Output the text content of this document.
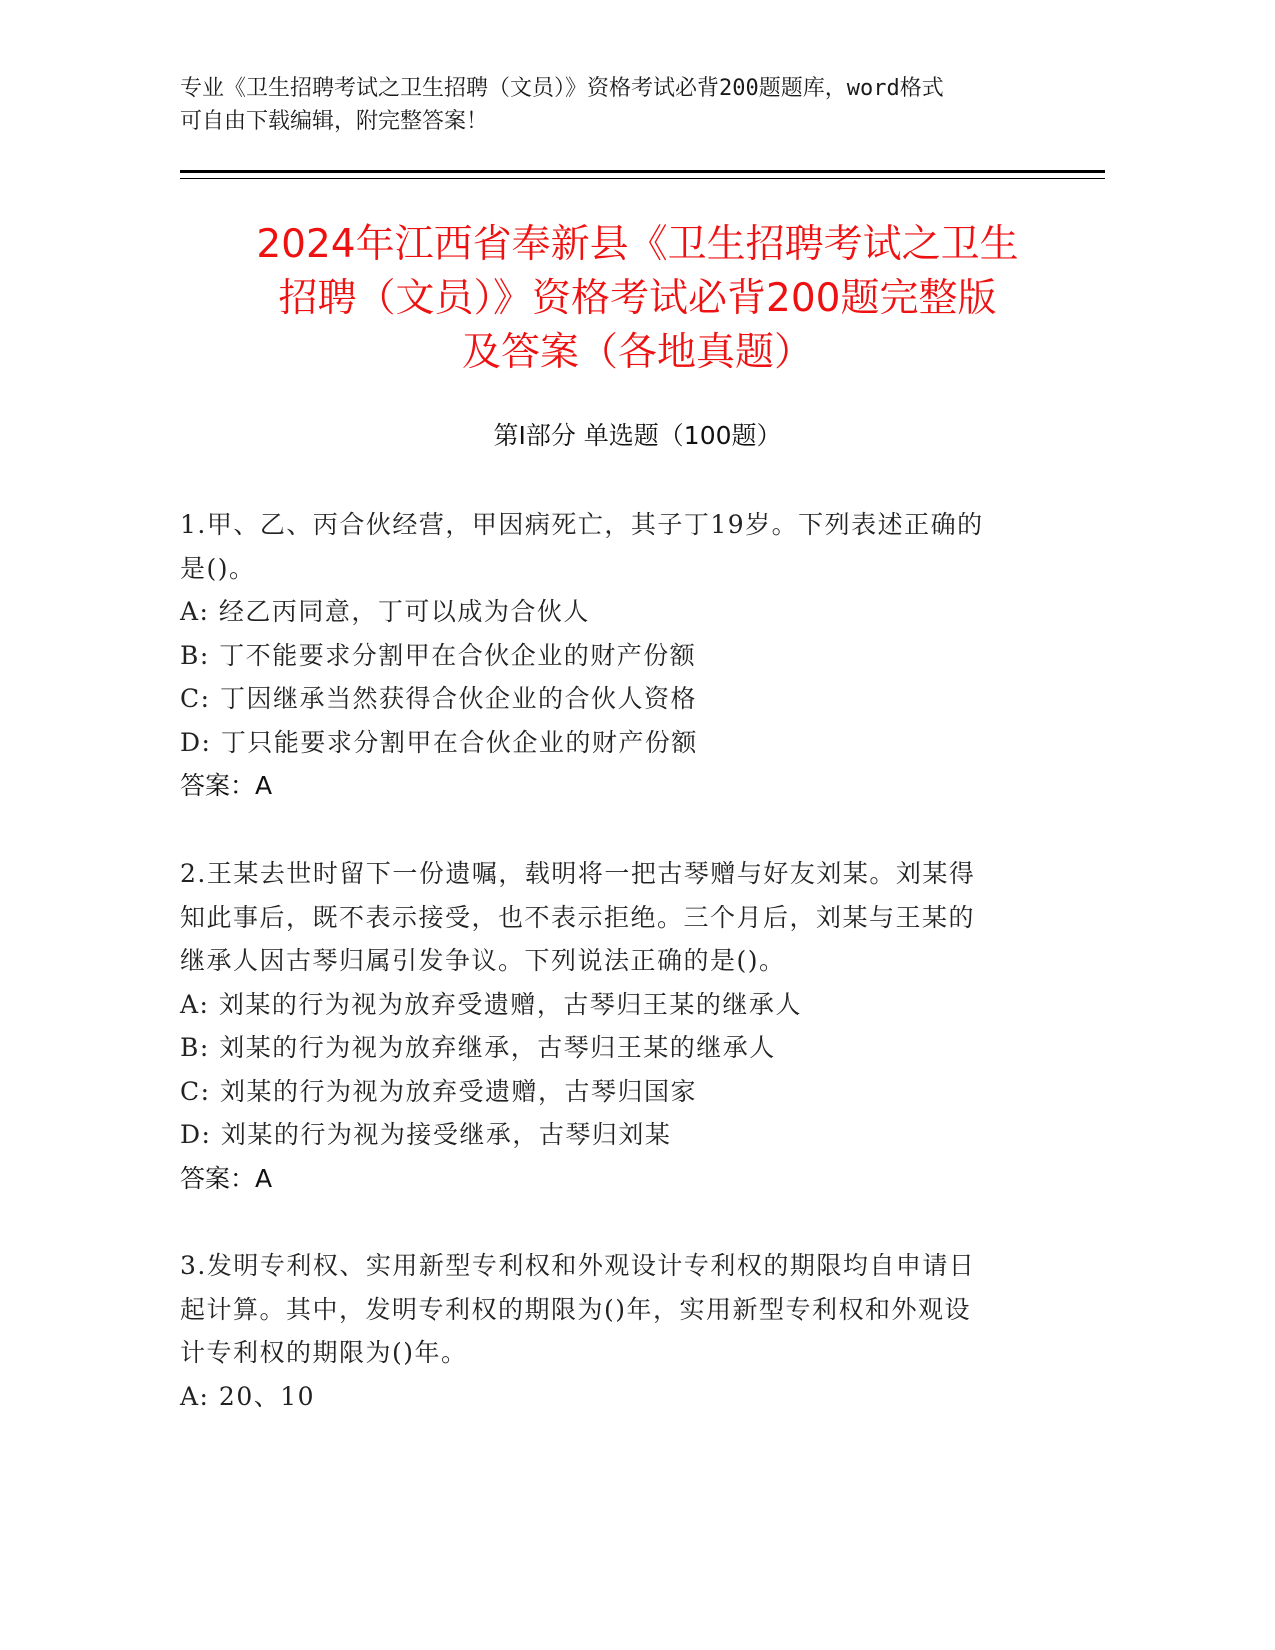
专业《卫生招聘考试之卫生招聘（文员）》资格考试必背200题题库，word格式
可自由下载编辑，附完整答案！
2024年江西省奉新县《卫生招聘考试之卫生
招聘（文员）》资格考试必背200题完整版
及答案（各地真题）
第Ⅰ部分 单选题（100题）
1.甲、乙、丙合伙经营，甲因病死亡，其子丁19岁。下列表述正确的
是()。
A: 经乙丙同意，丁可以成为合伙人
B: 丁不能要求分割甲在合伙企业的财产份额
C: 丁因继承当然获得合伙企业的合伙人资格
D: 丁只能要求分割甲在合伙企业的财产份额
答案：A
2.王某去世时留下一份遗嘱，载明将一把古琴赠与好友刘某。刘某得
知此事后，既不表示接受，也不表示拒绝。三个月后，刘某与王某的
继承人因古琴归属引发争议。下列说法正确的是()。
A: 刘某的行为视为放弃受遗赠，古琴归王某的继承人
B: 刘某的行为视为放弃继承，古琴归王某的继承人
C: 刘某的行为视为放弃受遗赠，古琴归国家
D: 刘某的行为视为接受继承，古琴归刘某
答案：A
3.发明专利权、实用新型专利权和外观设计专利权的期限均自申请日
起计算。其中，发明专利权的期限为()年，实用新型专利权和外观设
计专利权的期限为()年。
A: 20、10
